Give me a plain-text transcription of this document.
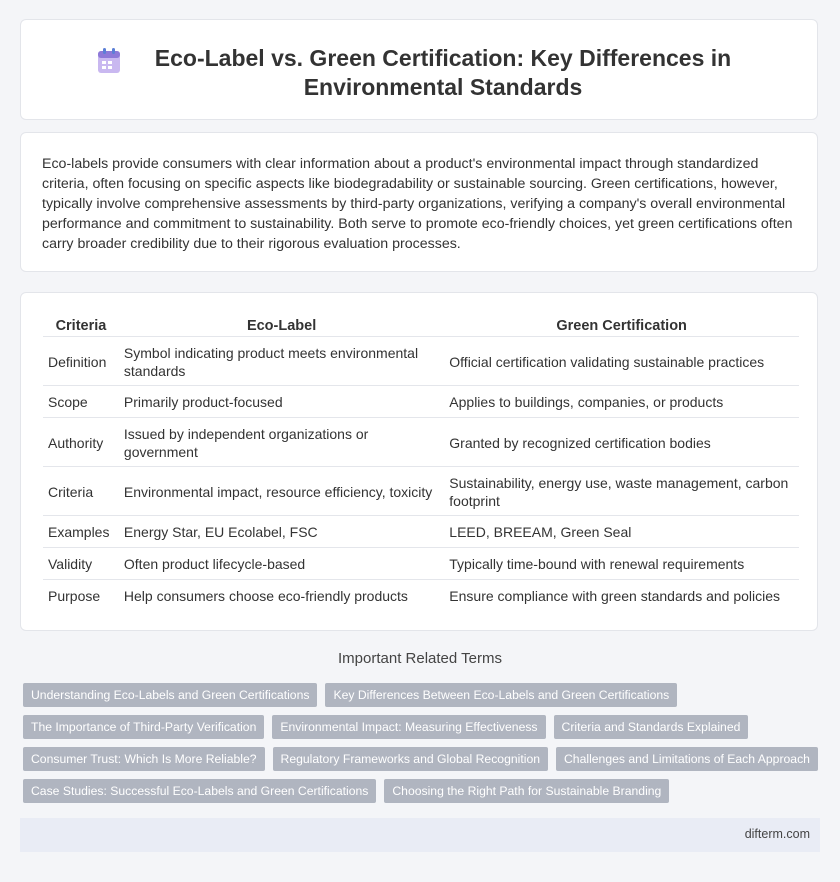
Eco-Label vs. Green Certification: Key Differences in Environmental Standards

Eco-labels provide consumers with clear information about a product's environmental impact through standardized criteria, often focusing on specific aspects like biodegradability or sustainable sourcing. Green certifications, however, typically involve comprehensive assessments by third-party organizations, verifying a company's overall environmental performance and commitment to sustainability. Both serve to promote eco-friendly choices, yet green certifications often carry broader credibility due to their rigorous evaluation processes.

Criteria	Eco-Label	Green Certification
Definition	Symbol indicating product meets environmental standards	Official certification validating sustainable practices
Scope	Primarily product-focused	Applies to buildings, companies, or products
Authority	Issued by independent organizations or government	Granted by recognized certification bodies
Criteria	Environmental impact, resource efficiency, toxicity	Sustainability, energy use, waste management, carbon footprint
Examples	Energy Star, EU Ecolabel, FSC	LEED, BREEAM, Green Seal
Validity	Often product lifecycle-based	Typically time-bound with renewal requirements
Purpose	Help consumers choose eco-friendly products	Ensure compliance with green standards and policies
Important Related Terms
Understanding Eco-Labels and Green Certifications	Key Differences Between Eco-Labels and Green Certifications
The Importance of Third-Party Verification	Environmental Impact: Measuring Effectiveness	Criteria and Standards Explained
Consumer Trust: Which Is More Reliable?	Regulatory Frameworks and Global Recognition	Challenges and Limitations of Each Approach
Case Studies: Successful Eco-Labels and Green Certifications	Choosing the Right Path for Sustainable Branding
difterm.com
